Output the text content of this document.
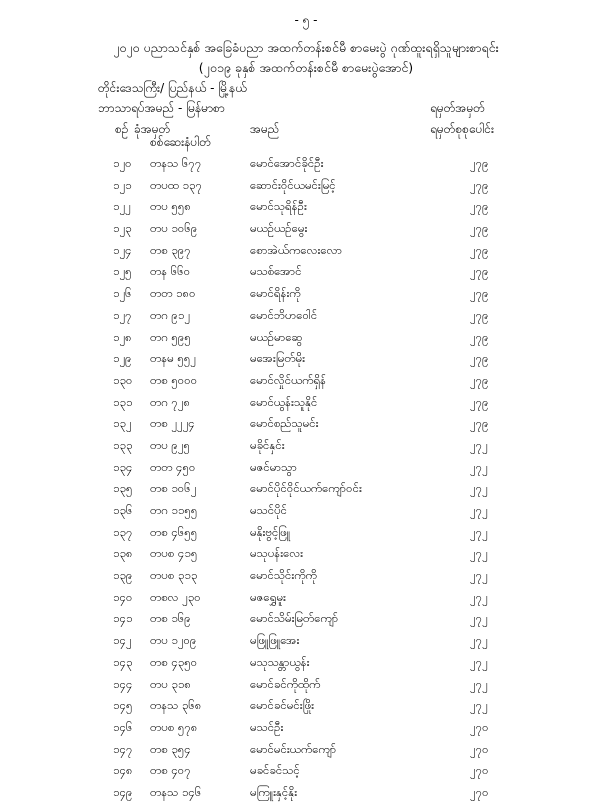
- ၅ -
၂၀၂၀ ပညာသင်နှစ် အခြေခံပညာ အထက်တန်းစင်မီ စာမေးပွဲ ဂုဏ်ထူးရရှိသူများစာရင်း
(၂၀၁၉ ခုနှစ် အထက်တန်းစင်မီ စာမေးပွဲအောင်)
တိုင်းဒေသကြီး/ ပြည်နယ် - မြို့နယ်
ဘာသာရပ်အမည် - မြန်မာစာ	ရမှတ်အမှတ်
စဉ် ခုံအမှတ်
စစ်ဆေးနံပါတ်
အမည်	ရမှတ်စုစုပေါင်း
၁၂၀ တနသ ၆၇၇	မောင်အောင်ခိုင်ဦး	၂၇၉
၁၂၁ တပထ ၁၃၇	ဆောင်းဝိုင်ယမင်းမြင့်	၂၇၉
၁၂၂ တပ ၅၅၈	မောင်သုရိန်ဦး	၂၇၉
၁၂၃ တပ ၁၀၆၉	မယဉ်ယဉ်မွေး	၂၇၉
၁၂၄ တစ ၃၉၇	စောအဲယ်ကလေးလော	၂၇၉
၁၂၅ တန ၆၆၀	မသစ်အောင်	၂၇၉
၁၂၆ တတ ၁၈၀	မောင်ရိန်းကို	၂၇၉
၁၂၇ တဂ ၉၁၂	မောင်ဘိဟဝေါင်	၂၇၉
၁၂၈ တဂ ၅၉၅	မယဉ်မာဆွေ	၂၇၉
၁၂၉ တနမ ၅၅၂	မအေးမြတ်မိုး	၂၇၉
၁၃၀ တစ ၅၀၀၀	မောင်လှိုင်ယက်ရှိန်	၂၇၉
၁၃၁ တဂ ၇၂၈	မောင်ယွန်းသူနိုင်	၂၇၉
၁၃၂ တစ ၂၂၂၄	မောင်စည်သူမင်း	၂၇၉
၁၃၃ တပ ၉၂၅	မခိုင်နှင်း	၂၇၂
၁၃၄ တတ ၄၅၀	မဇင်မာသွာ	၂၇၂
၁၃၅ တစ ၁၀၆၂	မောင်ပိုင်ဝိုင်ယက်ကျော်ဝင်း	၂၇၂
၁၃၆ တဂ ၁၁၅၅	မသင်ပိုင်	၂၇၂
၁၃၇ တစ ၄၆၅၅	မနိုးဗွင့်ဖြူ	၂၇၂
၁၃၈ တပစ ၄၁၅	မသုပန်းလေး	၂၇၂
၁၃၉ တပစ ၃၁၃	မောင်သိုင်းကိုကို	၂၇၂
၁၄၀ တစလ ၂၃၀	မဇရွှေမူး	၂၇၂
၁၄၁ တစ ၁၆၉	မောင်သိမ်းမြတ်ကျော်	၂၇၂
၁၄၂ တပ ၁၂၀၉	မဖြူဖြူအေး	၂၇၂
၁၄၃ တစ ၄၃၅၀	မသုသန္တာယွန်း	၂၇၂
၁၄၄ တပ ၃၁၈	မောင်ခင်ကိုထိုက်	၂၇၂
၁၄၅ တနသ ၃၆၈	မောင်ခင်မင်းဖြိုး	၂၇၂
၁၄၆ တပစ ၅၇၈	မသင်ဦး	၂၇၀
၁၄၇ တစ ၃၅၄	မောင်မင်းယက်ကျော်	၂၇၀
၁၄၈ တစ ၄၀၇	မခင်ခင်သင့်	၂၇၀
၁၄၉ တနသ ၁၄၆	မကြူးနှင့်နိုး	၂၇၀
